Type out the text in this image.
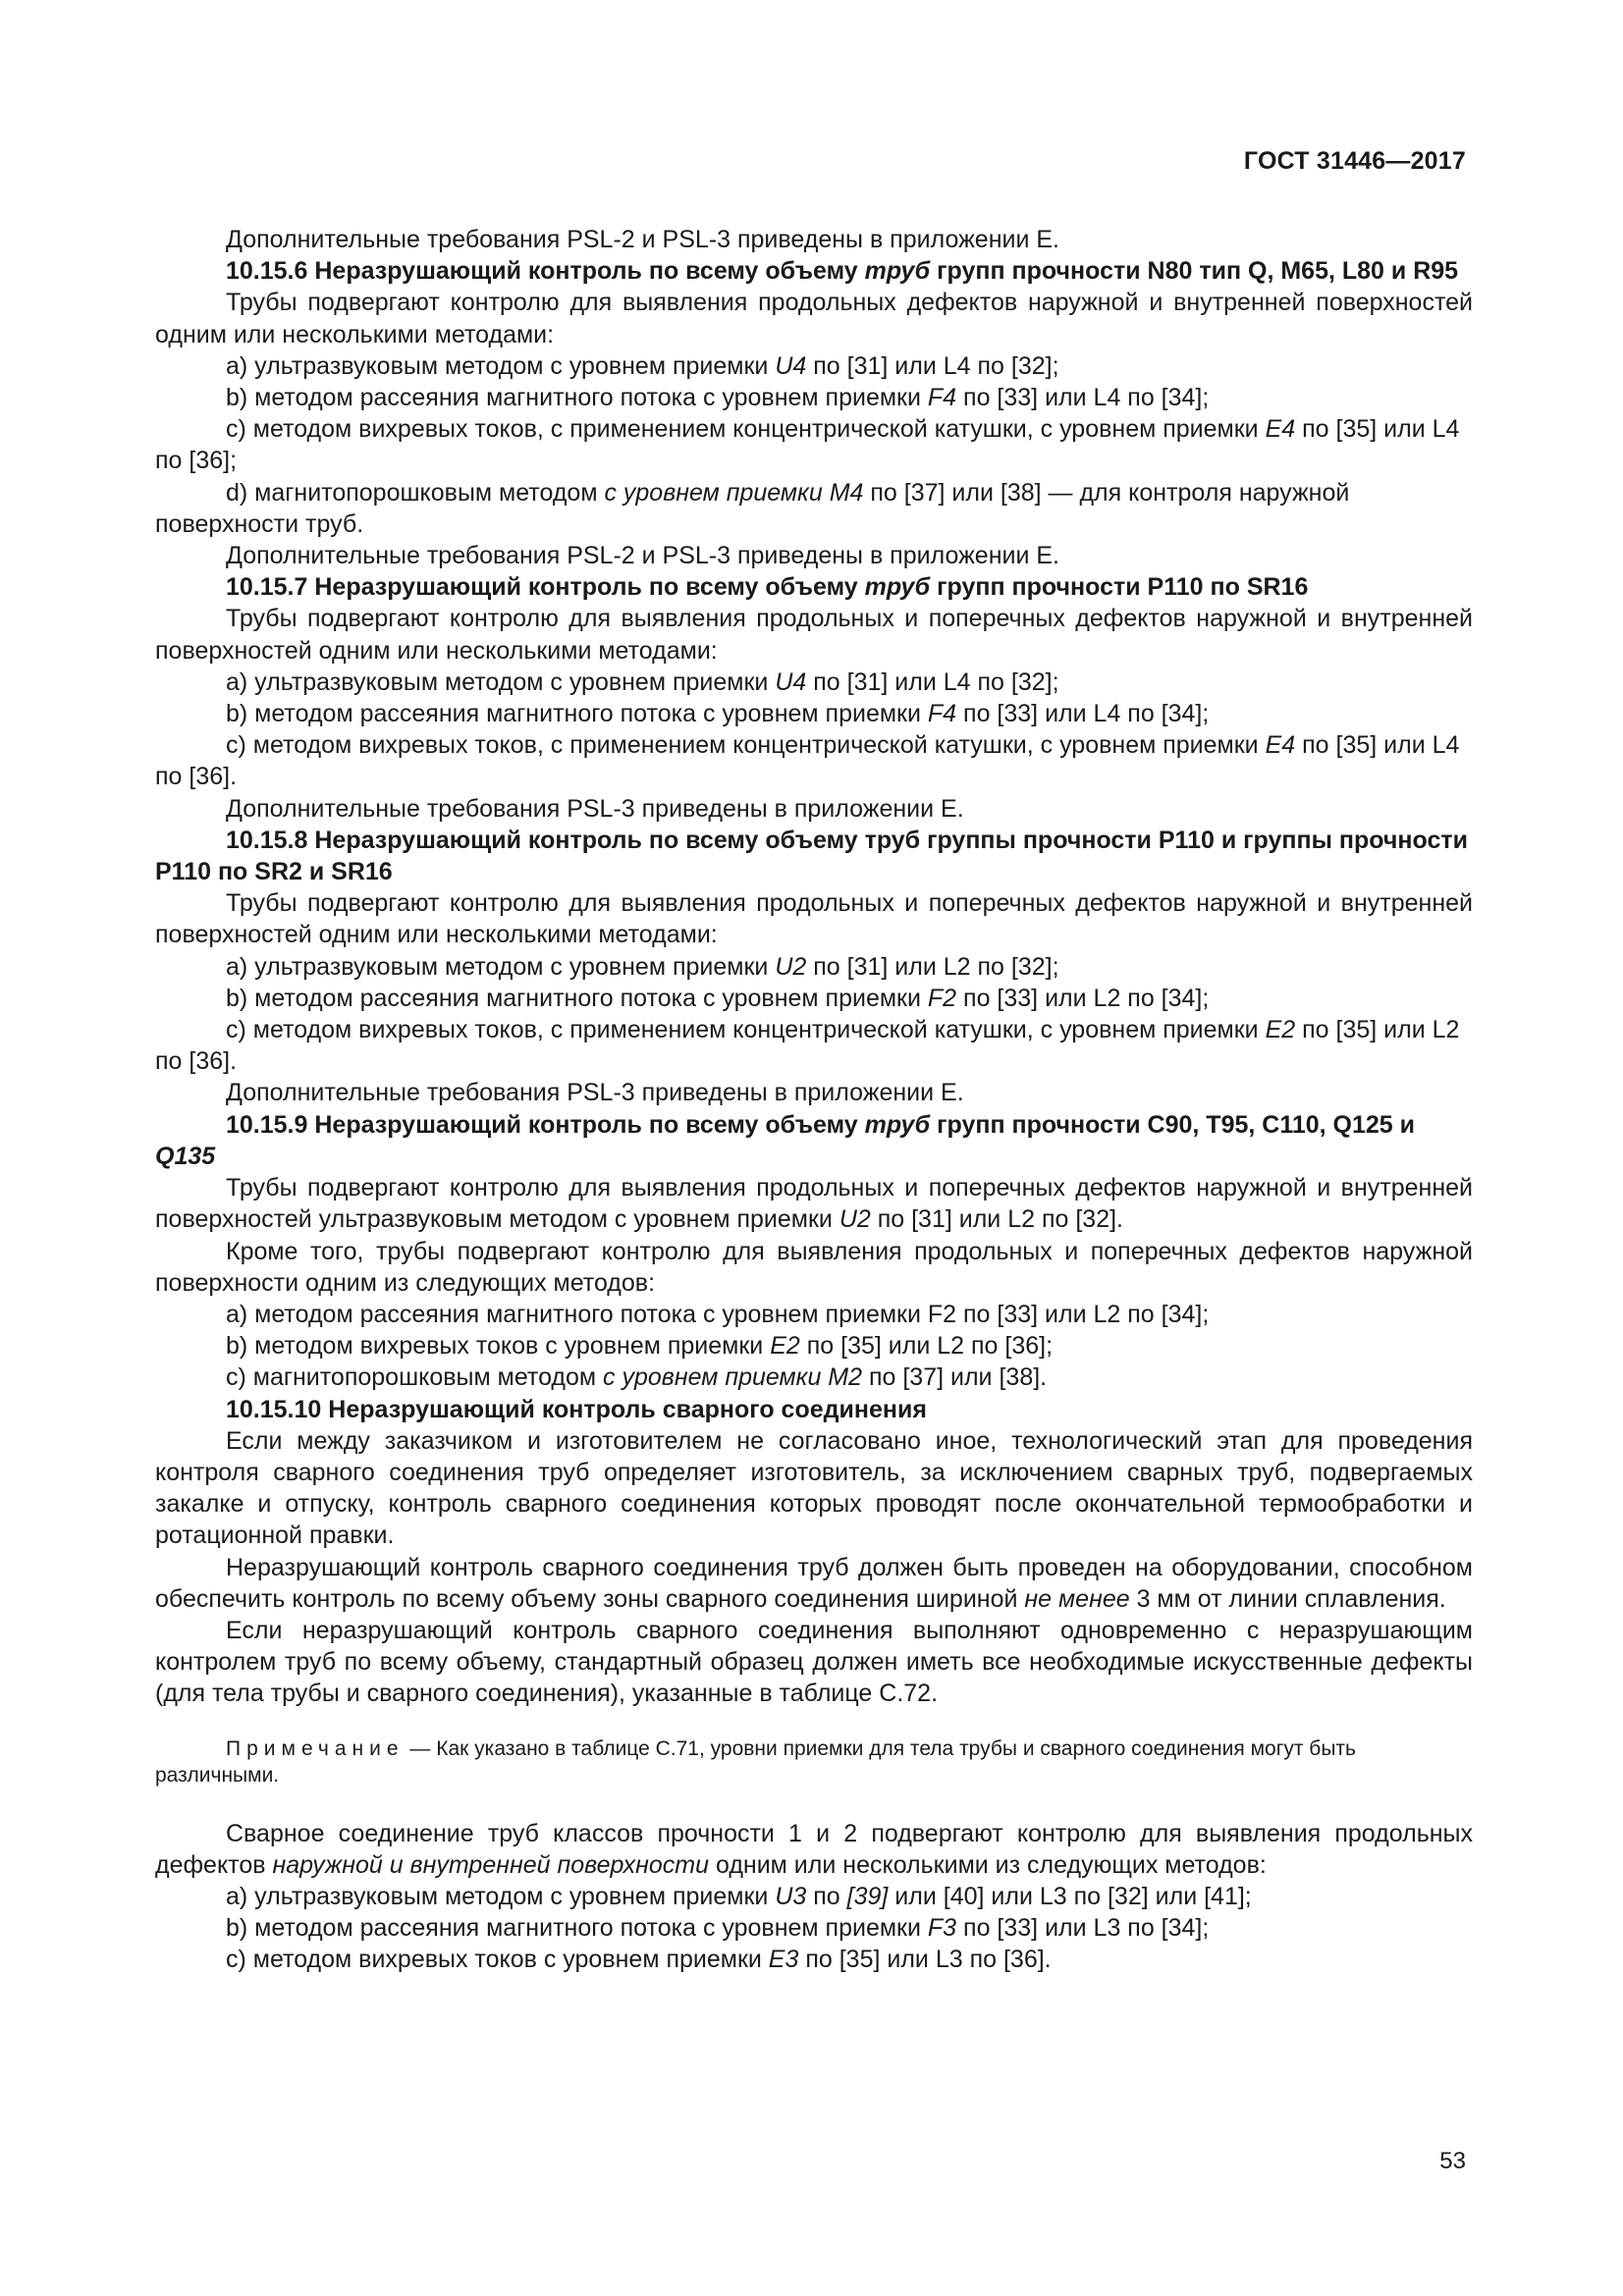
ГОСТ 31446—2017

Дополнительные требования PSL-2 и PSL-3 приведены в приложении E.

10.15.6 Неразрушающий контроль по всему объему труб групп прочности N80 тип Q, M65, L80 и R95

Трубы подвергают контролю для выявления продольных дефектов наружной и внутренней поверхностей одним или несколькими методами:

a) ультразвуковым методом с уровнем приемки U4 по [31] или L4 по [32];

b) методом рассеяния магнитного потока с уровнем приемки F4 по [33] или L4 по [34];

c) методом вихревых токов, с применением концентрической катушки, с уровнем приемки E4 по [35] или L4 по [36];

d) магнитопорошковым методом с уровнем приемки M4 по [37] или [38] — для контроля наружной поверхности труб.

Дополнительные требования PSL-2 и PSL-3 приведены в приложении E.

10.15.7 Неразрушающий контроль по всему объему труб групп прочности P110 по SR16

Трубы подвергают контролю для выявления продольных и поперечных дефектов наружной и внутренней поверхностей одним или несколькими методами:

a) ультразвуковым методом с уровнем приемки U4 по [31] или L4 по [32];

b) методом рассеяния магнитного потока с уровнем приемки F4 по [33] или L4 по [34];

c) методом вихревых токов, с применением концентрической катушки, с уровнем приемки E4 по [35] или L4 по [36].

Дополнительные требования PSL-3 приведены в приложении E.

10.15.8 Неразрушающий контроль по всему объему труб группы прочности P110 и группы прочности P110 по SR2 и SR16

Трубы подвергают контролю для выявления продольных и поперечных дефектов наружной и внутренней поверхностей одним или несколькими методами:

a) ультразвуковым методом с уровнем приемки U2 по [31] или L2 по [32];

b) методом рассеяния магнитного потока с уровнем приемки F2 по [33] или L2 по [34];

c) методом вихревых токов, с применением концентрической катушки, с уровнем приемки E2 по [35] или L2 по [36].

Дополнительные требования PSL-3 приведены в приложении E.

10.15.9 Неразрушающий контроль по всему объему труб групп прочности C90, T95, C110, Q125 и Q135

Трубы подвергают контролю для выявления продольных и поперечных дефектов наружной и внутренней поверхностей ультразвуковым методом с уровнем приемки U2 по [31] или L2 по [32].

Кроме того, трубы подвергают контролю для выявления продольных и поперечных дефектов наружной поверхности одним из следующих методов:

a) методом рассеяния магнитного потока с уровнем приемки F2 по [33] или L2 по [34];

b) методом вихревых токов с уровнем приемки E2 по [35] или L2 по [36];

c) магнитопорошковым методом с уровнем приемки M2 по [37] или [38].

10.15.10 Неразрушающий контроль сварного соединения

Если между заказчиком и изготовителем не согласовано иное, технологический этап для проведения контроля сварного соединения труб определяет изготовитель, за исключением сварных труб, подвергаемых закалке и отпуску, контроль сварного соединения которых проводят после окончательной термообработки и ротационной правки.

Неразрушающий контроль сварного соединения труб должен быть проведен на оборудовании, способном обеспечить контроль по всему объему зоны сварного соединения шириной не менее 3 мм от линии сплавления.

Если неразрушающий контроль сварного соединения выполняют одновременно с неразрушающим контролем труб по всему объему, стандартный образец должен иметь все необходимые искусственные дефекты (для тела трубы и сварного соединения), указанные в таблице C.72.

Примечание — Как указано в таблице C.71, уровни приемки для тела трубы и сварного соединения могут быть различными.

Сварное соединение труб классов прочности 1 и 2 подвергают контролю для выявления продольных дефектов наружной и внутренней поверхности одним или несколькими из следующих методов:

a) ультразвуковым методом с уровнем приемки U3 по [39] или [40] или L3 по [32] или [41];

b) методом рассеяния магнитного потока с уровнем приемки F3 по [33] или L3 по [34];

c) методом вихревых токов с уровнем приемки E3 по [35] или L3 по [36].

53
